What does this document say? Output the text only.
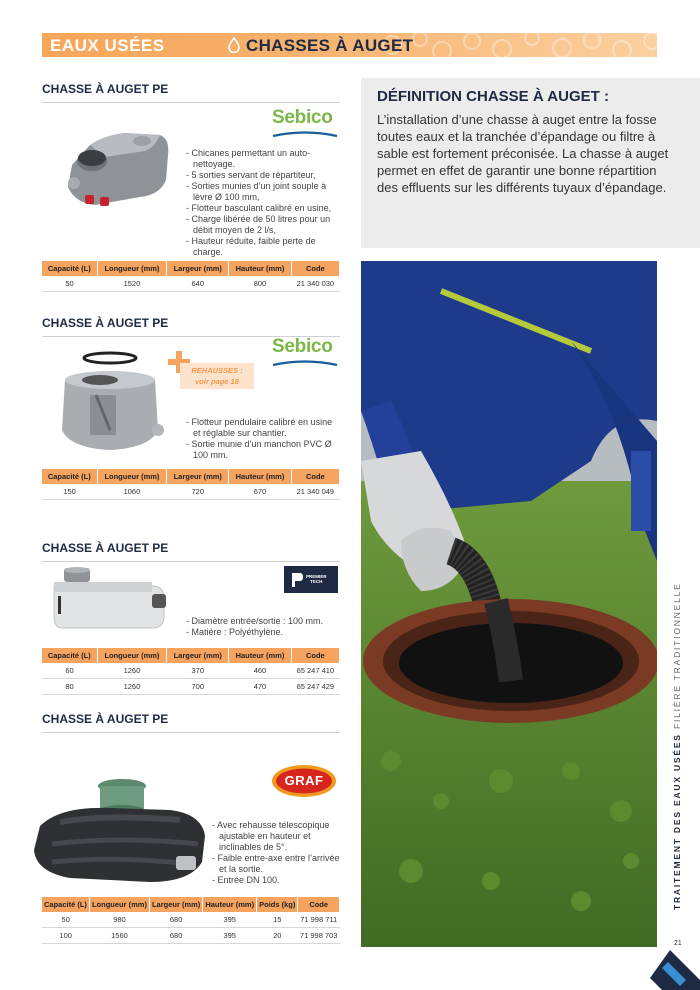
EAUX USÉES	CHASSES À AUGET
CHASSE À AUGET PE
Sebico
- Chicanes permettant un auto-nettoyage.
- 5 sorties servant de répartiteur,
- Sorties munies d’un joint souple à lèvre Ø 100 mm,
- Flotteur basculant calibré en usine,
- Charge libérée de 50 litres pour un débit moyen de 2 l/s,
- Hauteur réduite, faible perte de charge.
Capacité (L)	Longueur (mm)	Largeur (mm)	Hauteur (mm)	Code
50	1520	640	800	21 340 030
CHASSE À AUGET PE
Sebico
REHAUSSES :
voir page 18
- Flotteur pendulaire calibré en usine et réglable sur chantier.
- Sortie munie d’un manchon PVC Ø 100 mm.
Capacité (L)	Longueur (mm)	Largeur (mm)	Hauteur (mm)	Code
150	1060	720	670	21 340 049
CHASSE À AUGET PE
PREMIER
TECH
- Diamètre entrée/sortie : 100 mm.
- Matière : Polyéthylène.
Capacité (L)	Longueur (mm)	Largeur (mm)	Hauteur (mm)	Code
60	1260	370	460	65 247 410
80	1260	700	470	65 247 429
CHASSE À AUGET PE
GRAF
- Avec rehausse télescopique ajustable en hauteur et inclinables de 5°.
- Faible entre-axe entre l’arrivée et la sortie.
- Entrée DN 100.
Capacité (L)	Longueur (mm)	Largeur (mm)	Hauteur (mm)	Poids (kg)	Code
50	980	680	395	15	71 998 711
100	1560	680	395	20	71 998 703
DÉFINITION CHASSE À AUGET :

L’installation d’une chasse à auget entre la fosse toutes eaux et la tranchée d’épandage ou filtre à sable est fortement préconisée. La chasse à auget permet en effet de garantir une bonne répartition des effluents sur les différents tuyaux d’épandage.

TRAITEMENT DES EAUX USÉES FILIÈRE TRADITIONNELLE
21
